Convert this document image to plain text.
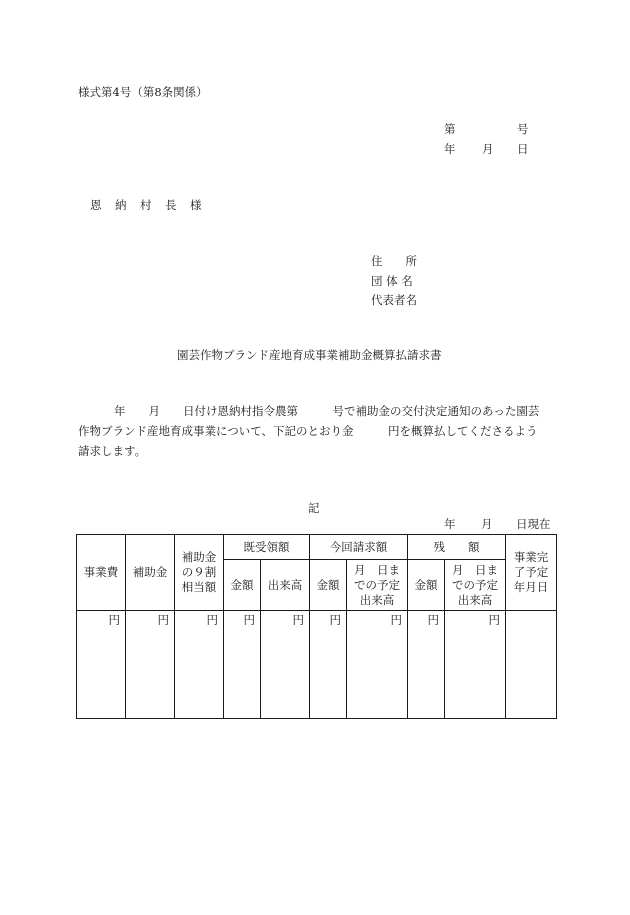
様式第4号（第8条関係）
第	号
年 月 日
恩　納　村　長　様
住　　所
団 体 名
代表者名
園芸作物ブランド産地育成事業補助金概算払請求書
年　　月　　日付け恩納村指令農第　　　号で補助金の交付決定通知のあった園芸
作物ブランド産地育成事業について、下記のとおり金　　　円を概算払してくださるよう
請求します。
記
年 月 日現在
事業費	補助金	補助金の９割相当額	既受領額		今回請求額		残　　額		事業完了予定年月日

			金額	出来高	金額	月　日までの予定出来高	金額	月　日までの予定出来高	

円	円	円	円	円	円	円	円	円	
